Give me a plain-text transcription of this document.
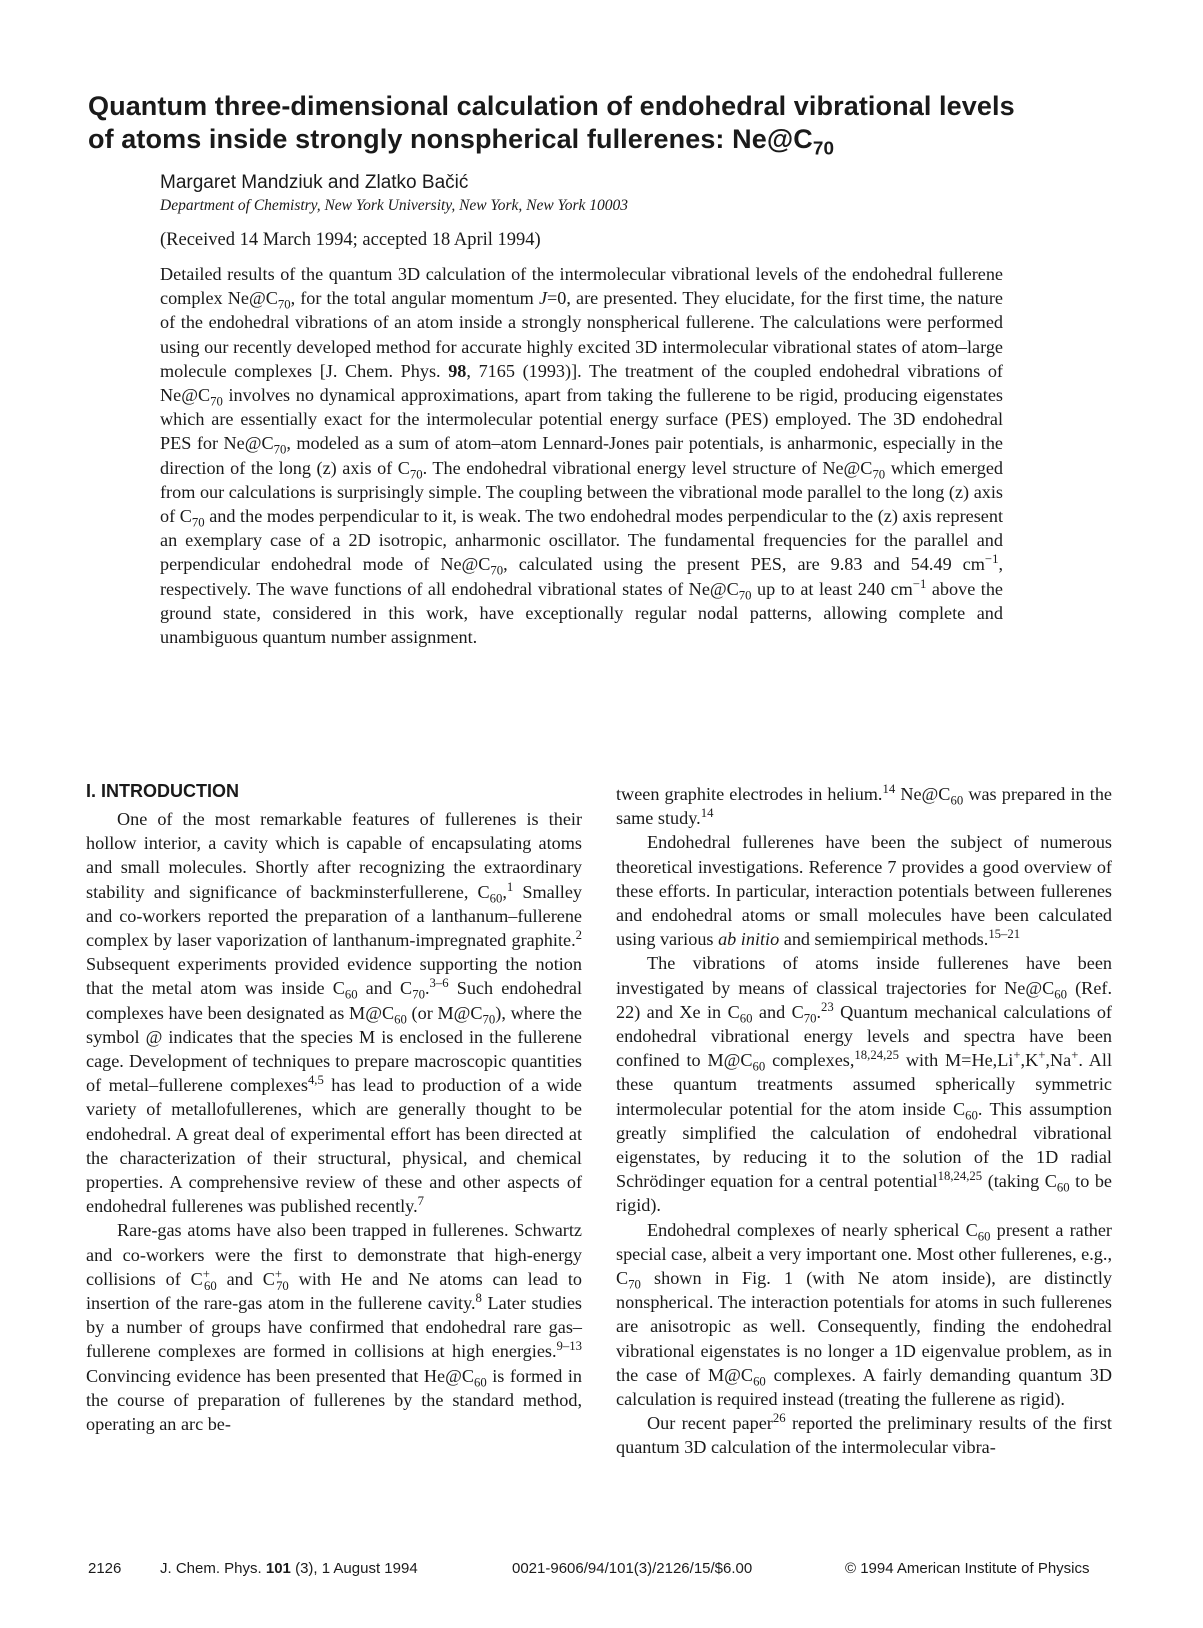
Quantum three-dimensional calculation of endohedral vibrational levels
of atoms inside strongly nonspherical fullerenes: $Ne@C_{70}$
Margaret Mandziuk and Zlatko Bačić
Department of Chemistry, New York University, New York, New York 10003
(Received 14 March 1994; accepted 18 April 1994)
Detailed results of the quantum 3D calculation of the intermolecular vibrational levels of the endohedral fullerene complex $Ne@C_{70}$, for the total angular momentum J=0, are presented. They elucidate, for the first time, the nature of the endohedral vibrations of an atom inside a strongly nonspherical fullerene. The calculations were performed using our recently developed method for accurate highly excited 3D intermolecular vibrational states of atom–large molecule complexes [J. Chem. Phys. 98, 7165 (1993)]. The treatment of the coupled endohedral vibrations of $Ne@C_{70}$ involves no dynamical approximations, apart from taking the fullerene to be rigid, producing eigenstates which are essentially exact for the intermolecular potential energy surface (PES) employed. The 3D endohedral PES for $Ne@C_{70}$, modeled as a sum of atom–atom Lennard-Jones pair potentials, is anharmonic, especially in the direction of the long (z) axis of $C_{70}$. The endohedral vibrational energy level structure of $Ne@C_{70}$ which emerged from our calculations is surprisingly simple. The coupling between the vibrational mode parallel to the long (z) axis of $C_{70}$ and the modes perpendicular to it, is weak. The two endohedral modes perpendicular to the (z) axis represent an exemplary case of a 2D isotropic, anharmonic oscillator. The fundamental frequencies for the parallel and perpendicular endohedral mode of $Ne@C_{70}$, calculated using the present PES, are 9.83 and 54.49 $cm^{-1}$, respectively. The wave functions of all endohedral vibrational states of $Ne@C_{70}$ up to at least 240 $cm^{-1}$ above the ground state, considered in this work, have exceptionally regular nodal patterns, allowing complete and unambiguous quantum number assignment.
I. INTRODUCTION

One of the most remarkable features of fullerenes is their hollow interior, a cavity which is capable of encapsulating atoms and small molecules. Shortly after recognizing the extraordinary stability and significance of backminsterfullerene, $C_{60},^1$ Smalley and co-workers reported the preparation of a lanthanum–fullerene complex by laser vaporization of lanthanum-impregnated graphite.$^2$ Subsequent experiments provided evidence supporting the notion that the metal atom was inside $C_{60}$ and $C_{70}.^{3-6}$ Such endohedral complexes have been designated as $M@C_{60}$ (or $M@C_{70}$), where the symbol @ indicates that the species M is enclosed in the fullerene cage. Development of techniques to prepare macroscopic quantities of metal–fullerene complexes$^{4,5}$ has lead to production of a wide variety of metallofullerenes, which are generally thought to be endohedral. A great deal of experimental effort has been directed at the characterization of their structural, physical, and chemical properties. A comprehensive review of these and other aspects of endohedral fullerenes was published recently.$^7$

Rare-gas atoms have also been trapped in fullerenes. Schwartz and co-workers were the first to demonstrate that high-energy collisions of $C^+_{60}$ and $C^+_{70}$ with He and Ne atoms can lead to insertion of the rare-gas atom in the fullerene cavity.$^8$ Later studies by a number of groups have confirmed that endohedral rare gas–fullerene complexes are formed in collisions at high energies.$^{9-13}$ Convincing evidence has been presented that $He@C_{60}$ is formed in the course of preparation of fullerenes by the standard method, operating an arc be-

tween graphite electrodes in helium.$^{14}$ $Ne@C_{60}$ was prepared in the same study.$^{14}$

Endohedral fullerenes have been the subject of numerous theoretical investigations. Reference 7 provides a good overview of these efforts. In particular, interaction potentials between fullerenes and endohedral atoms or small molecules have been calculated using various ab initio and semiempirical methods.$^{15-21}$

The vibrations of atoms inside fullerenes have been investigated by means of classical trajectories for $Ne@C_{60}$ (Ref. 22) and Xe in $C_{60}$ and $C_{70}.^{23}$ Quantum mechanical calculations of endohedral vibrational energy levels and spectra have been confined to $M@C_{60}$ complexes,$^{18,24,25}$ with M=He,Li+,K+,Na+. All these quantum treatments assumed spherically symmetric intermolecular potential for the atom inside $C_{60}$. This assumption greatly simplified the calculation of endohedral vibrational eigenstates, by reducing it to the solution of the 1D radial Schrödinger equation for a central potential$^{18,24,25}$ (taking $C_{60}$ to be rigid).

Endohedral complexes of nearly spherical $C_{60}$ present a rather special case, albeit a very important one. Most other fullerenes, e.g., $C_{70}$ shown in Fig. 1 (with Ne atom inside), are distinctly nonspherical. The interaction potentials for atoms in such fullerenes are anisotropic as well. Consequently, finding the endohedral vibrational eigenstates is no longer a 1D eigenvalue problem, as in the case of $M@C_{60}$ complexes. A fairly demanding quantum 3D calculation is required instead (treating the fullerene as rigid).

Our recent paper$^{26}$ reported the preliminary results of the first quantum 3D calculation of the intermolecular vibra-

2126	J. Chem. Phys. 101 (3), 1 August 1994	0021-9606/94/101(3)/2126/15/$6.00	© 1994 American Institute of Physics
